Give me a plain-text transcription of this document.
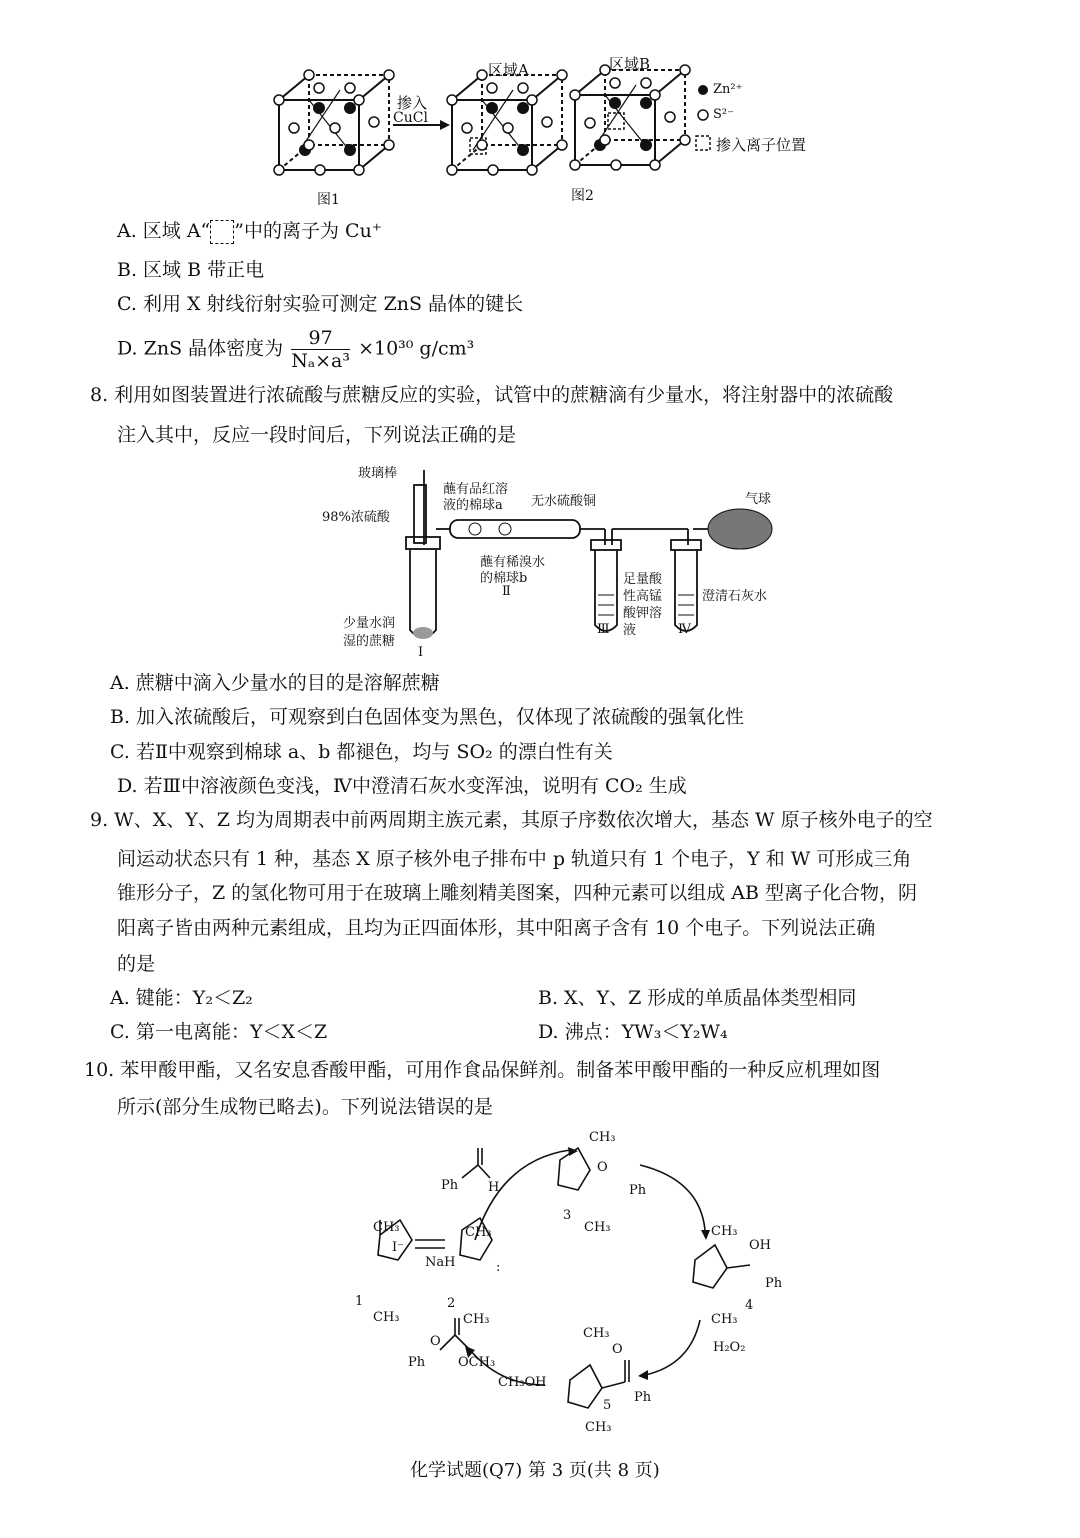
掺入
CuCl
区域A	区域B
Zn²⁺
S²⁻
掺入离子位置
图1	图2
A. 区域 A“ ”中的离子为 Cu⁺
B. 区域 B 带正电
C. 利用 X 射线衍射实验可测定 ZnS 晶体的键长
D. ZnS 晶体密度为 $\frac{97}{\text{Nₐ×a³}} \times 10^{30}$ g/cm³
8. 利用如图装置进行浓硫酸与蔗糖反应的实验，试管中的蔗糖滴有少量水，将注射器中的浓硫酸
注入其中，反应一段时间后，下列说法正确的是
玻璃棒
98%浓硫酸
蘸有品红溶
液的棉球a 无水硫酸铜	气球
蘸有稀溴水
的棉球b
Ⅱ
足量酸
性高锰
酸钾溶
液
澄清石灰水
Ⅲ	Ⅳ
少量水润
湿的蔗糖
Ⅰ
A. 蔗糖中滴入少量水的目的是溶解蔗糖
B. 加入浓硫酸后，可观察到白色固体变为黑色，仅体现了浓硫酸的强氧化性
C. 若Ⅱ中观察到棉球 a、b 都褪色，均与 SO₂ 的漂白性有关
D. 若Ⅲ中溶液颜色变浅，Ⅳ中澄清石灰水变浑浊，说明有 CO₂ 生成
9. W、X、Y、Z 均为周期表中前两周期主族元素，其原子序数依次增大，基态 W 原子核外电子的空
间运动状态只有 1 种，基态 X 原子核外电子排布中 p 轨道只有 1 个电子，Y 和 W 可形成三角
锥形分子，Z 的氢化物可用于在玻璃上雕刻精美图案，四种元素可以组成 AB 型离子化合物，阴
阳离子皆由两种元素组成，且均为正四面体形，其中阳离子含有 10 个电子。下列说法正确
的是
A. 键能：Y₂＜Z₂	B. X、Y、Z 形成的单质晶体类型相同
C. 第一电离能：Y＜X＜Z	D. 沸点：YW₃＜Y₂W₄
10. 苯甲酸甲酯，又名安息香酸甲酯，可用作食品保鲜剂。制备苯甲酸甲酯的一种反应机理如图
所示(部分生成物已略去)。下列说法错误的是
Ph H
CH₃
O
Ph
3
CH₃
CH₃
I⁻
NaH
1
CH₃
CH₃
:
2
CH₃
CH₃
OH
Ph
4
CH₃
H₂O₂
CH₃
O
Ph
5
CH₃
O
Ph	OCH₃
CH₃OH
化学试题(Q7) 第 3 页(共 8 页)
